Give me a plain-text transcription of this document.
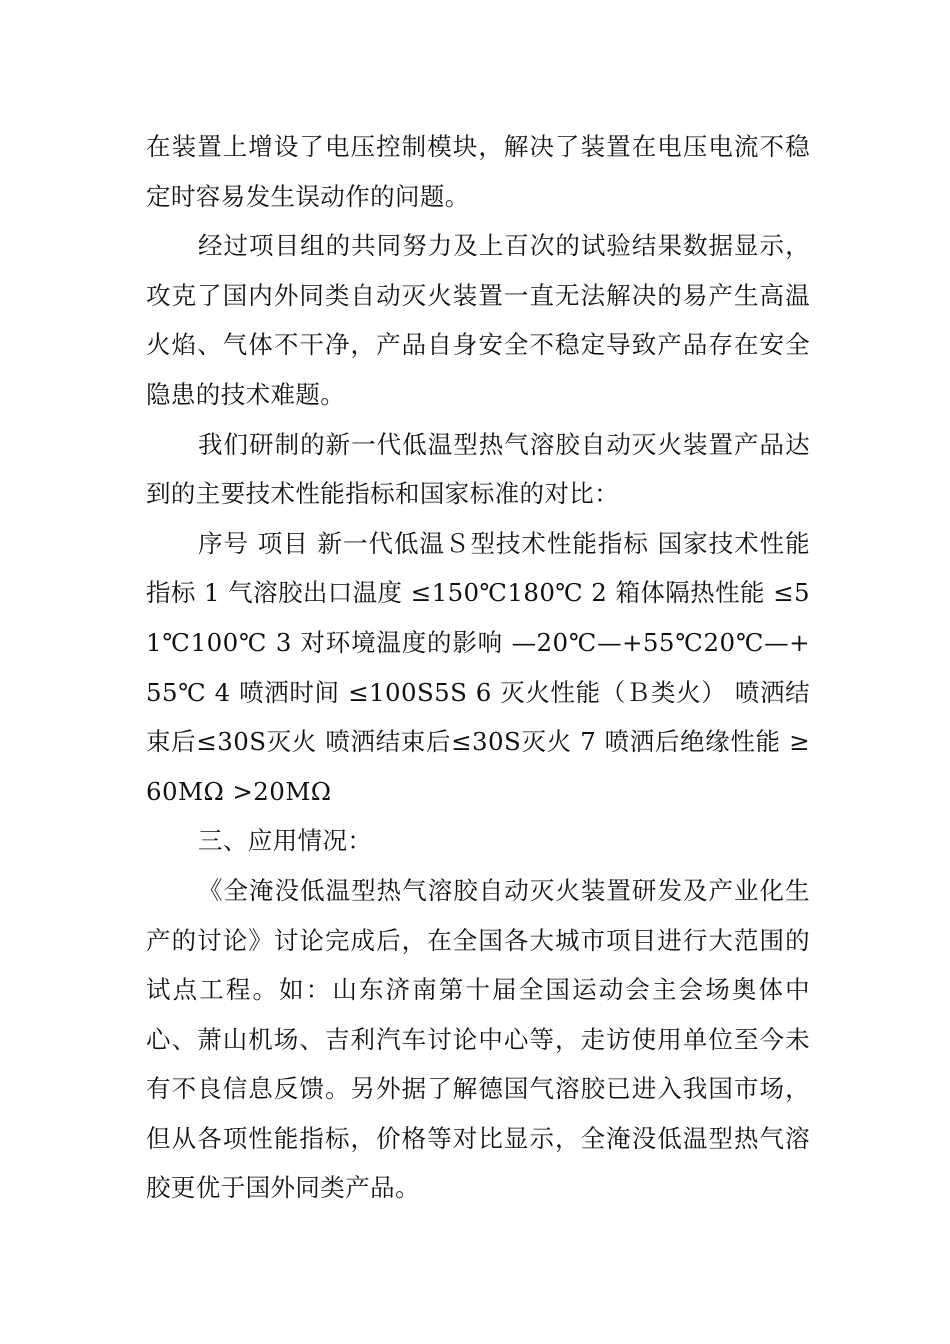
在装置上增设了电压控制模块，解决了装置在电压电流不稳定时容易发生误动作的问题。

经过项目组的共同努力及上百次的试验结果数据显示，攻克了国内外同类自动灭火装置一直无法解决的易产生高温火焰、气体不干净，产品自身安全不稳定导致产品存在安全隐患的技术难题。

我们研制的新一代低温型热气溶胶自动灭火装置产品达到的主要技术性能指标和国家标准的对比：

序号 项目 新一代低温Ｓ型技术性能指标 国家技术性能指标 1 气溶胶出口温度 ≤150℃180℃ 2 箱体隔热性能 ≤51℃100℃ 3 对环境温度的影响 —20℃—+55℃20℃—+55℃ 4 喷洒时间 ≤100S5S 6 灭火性能（Ｂ类火） 喷洒结束后≤30S灭火 喷洒结束后≤30S灭火 7 喷洒后绝缘性能 ≥60MΩ >20MΩ

三、应用情况：

《全淹没低温型热气溶胶自动灭火装置研发及产业化生产的讨论》讨论完成后，在全国各大城市项目进行大范围的试点工程。如：山东济南第十届全国运动会主会场奥体中心、萧山机场、吉利汽车讨论中心等，走访使用单位至今未有不良信息反馈。另外据了解德国气溶胶已进入我国市场，但从各项性能指标，价格等对比显示，全淹没低温型热气溶胶更优于国外同类产品。
